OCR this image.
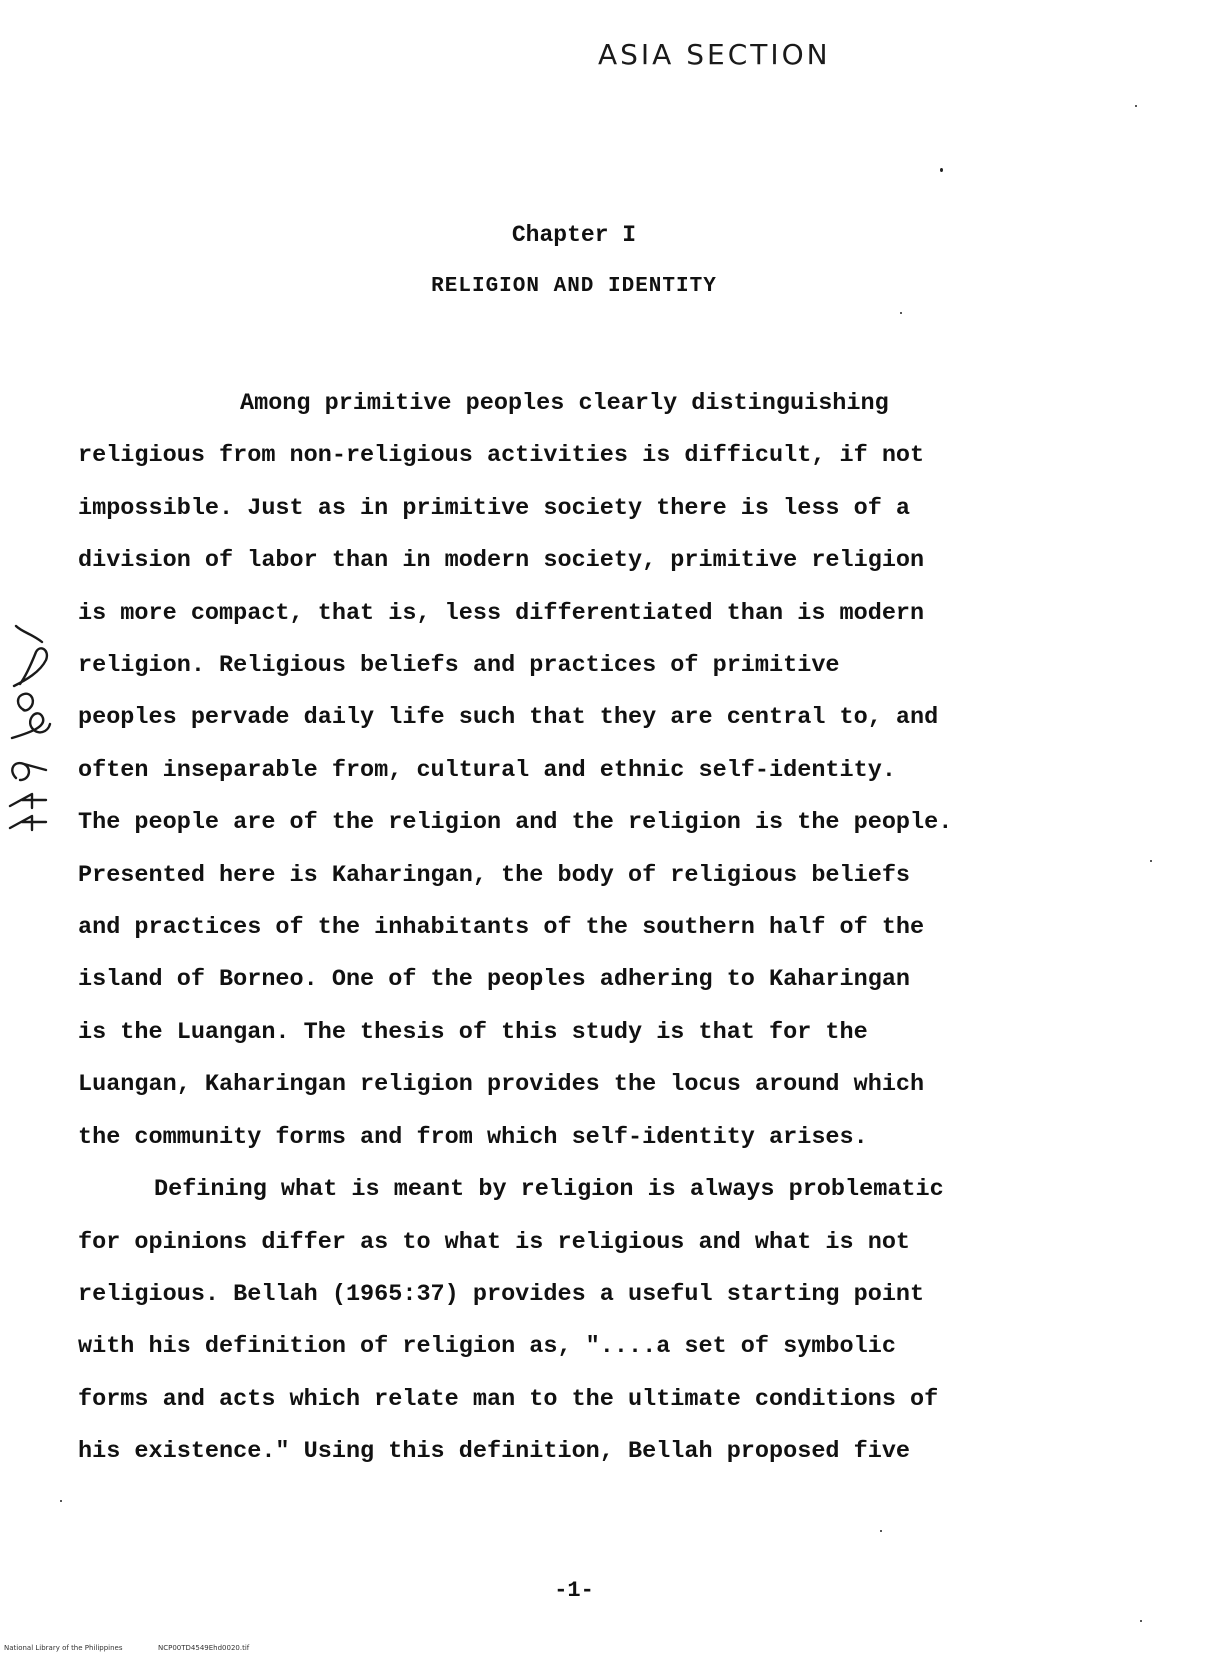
ASIA SECTION
Chapter I
RELIGION AND IDENTITY
Among primitive peoples clearly distinguishing
religious from non-religious activities is difficult, if not
impossible. Just as in primitive society there is less of a
division of labor than in modern society, primitive religion
is more compact, that is, less differentiated than is modern
religion. Religious beliefs and practices of primitive
peoples pervade daily life such that they are central to, and
often inseparable from, cultural and ethnic self-identity.
The people are of the religion and the religion is the people.
Presented here is Kaharingan, the body of religious beliefs
and practices of the inhabitants of the southern half of the
island of Borneo. One of the peoples adhering to Kaharingan
is the Luangan. The thesis of this study is that for the
Luangan, Kaharingan religion provides the locus around which
the community forms and from which self-identity arises.
Defining what is meant by religion is always problematic
for opinions differ as to what is religious and what is not
religious. Bellah (1965:37) provides a useful starting point
with his definition of religion as, "....a set of symbolic
forms and acts which relate man to the ultimate conditions of
his existence." Using this definition, Bellah proposed five
-1-
National Library of the Philippines	NCP00TD4549Ehd0020.tif
